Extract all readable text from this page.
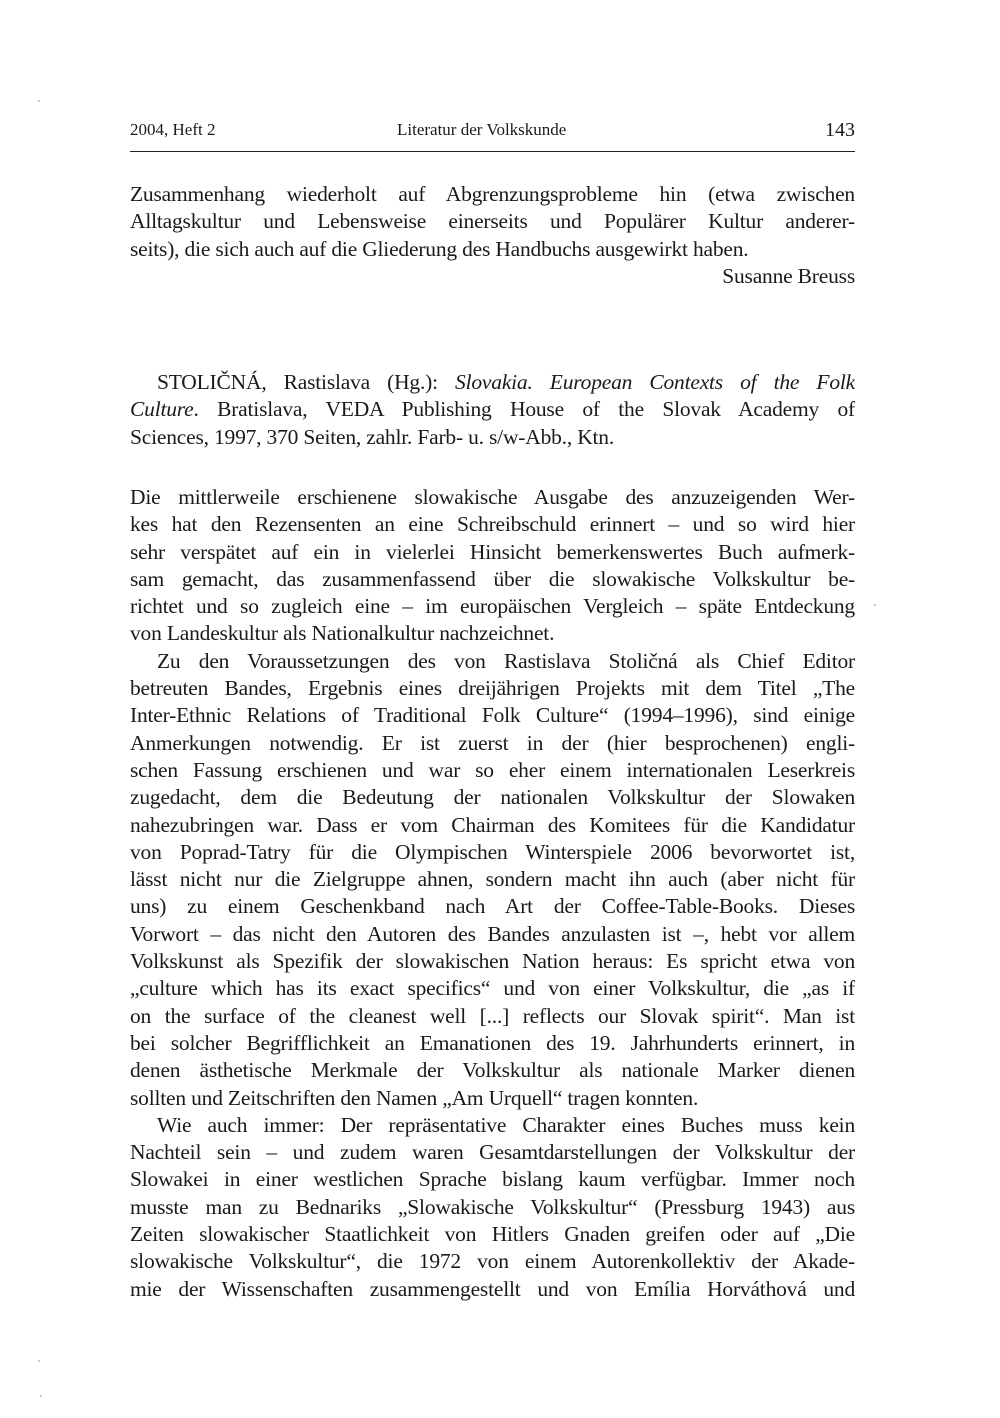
2004, Heft 2	Literatur der Volkskunde	143
Zusammenhang wiederholt auf Abgrenzungsprobleme hin (etwa zwischen
Alltagskultur und Lebensweise einerseits und Populärer Kultur anderer-
seits), die sich auch auf die Gliederung des Handbuchs ausgewirkt haben.
Susanne Breuss
STOLIČNÁ, Rastislava (Hg.): Slovakia. European Contexts of the Folk
Culture. Bratislava, VEDA Publishing House of the Slovak Academy of
Sciences, 1997, 370 Seiten, zahlr. Farb- u. s/w-Abb., Ktn.
Die mittlerweile erschienene slowakische Ausgabe des anzuzeigenden Wer-
kes hat den Rezensenten an eine Schreibschuld erinnert – und so wird hier
sehr verspätet auf ein in vielerlei Hinsicht bemerkenswertes Buch aufmerk-
sam gemacht, das zusammenfassend über die slowakische Volkskultur be-
richtet und so zugleich eine – im europäischen Vergleich – späte Entdeckung
von Landeskultur als Nationalkultur nachzeichnet.
Zu den Voraussetzungen des von Rastislava Stoličná als Chief Editor
betreuten Bandes, Ergebnis eines dreijährigen Projekts mit dem Titel „The
Inter-Ethnic Relations of Traditional Folk Culture“ (1994–1996), sind einige
Anmerkungen notwendig. Er ist zuerst in der (hier besprochenen) engli-
schen Fassung erschienen und war so eher einem internationalen Leserkreis
zugedacht, dem die Bedeutung der nationalen Volkskultur der Slowaken
nahezubringen war. Dass er vom Chairman des Komitees für die Kandidatur
von Poprad-Tatry für die Olympischen Winterspiele 2006 bevorwortet ist,
lässt nicht nur die Zielgruppe ahnen, sondern macht ihn auch (aber nicht für
uns) zu einem Geschenkband nach Art der Coffee-Table-Books. Dieses
Vorwort – das nicht den Autoren des Bandes anzulasten ist –, hebt vor allem
Volkskunst als Spezifik der slowakischen Nation heraus: Es spricht etwa von
„culture which has its exact specifics“ und von einer Volkskultur, die „as if
on the surface of the cleanest well [...] reflects our Slovak spirit“. Man ist
bei solcher Begrifflichkeit an Emanationen des 19. Jahrhunderts erinnert, in
denen ästhetische Merkmale der Volkskultur als nationale Marker dienen
sollten und Zeitschriften den Namen „Am Urquell“ tragen konnten.
Wie auch immer: Der repräsentative Charakter eines Buches muss kein
Nachteil sein – und zudem waren Gesamtdarstellungen der Volkskultur der
Slowakei in einer westlichen Sprache bislang kaum verfügbar. Immer noch
musste man zu Bednariks „Slowakische Volkskultur“ (Pressburg 1943) aus
Zeiten slowakischer Staatlichkeit von Hitlers Gnaden greifen oder auf „Die
slowakische Volkskultur“, die 1972 von einem Autorenkollektiv der Akade-
mie der Wissenschaften zusammengestellt und von Emília Horváthová und
